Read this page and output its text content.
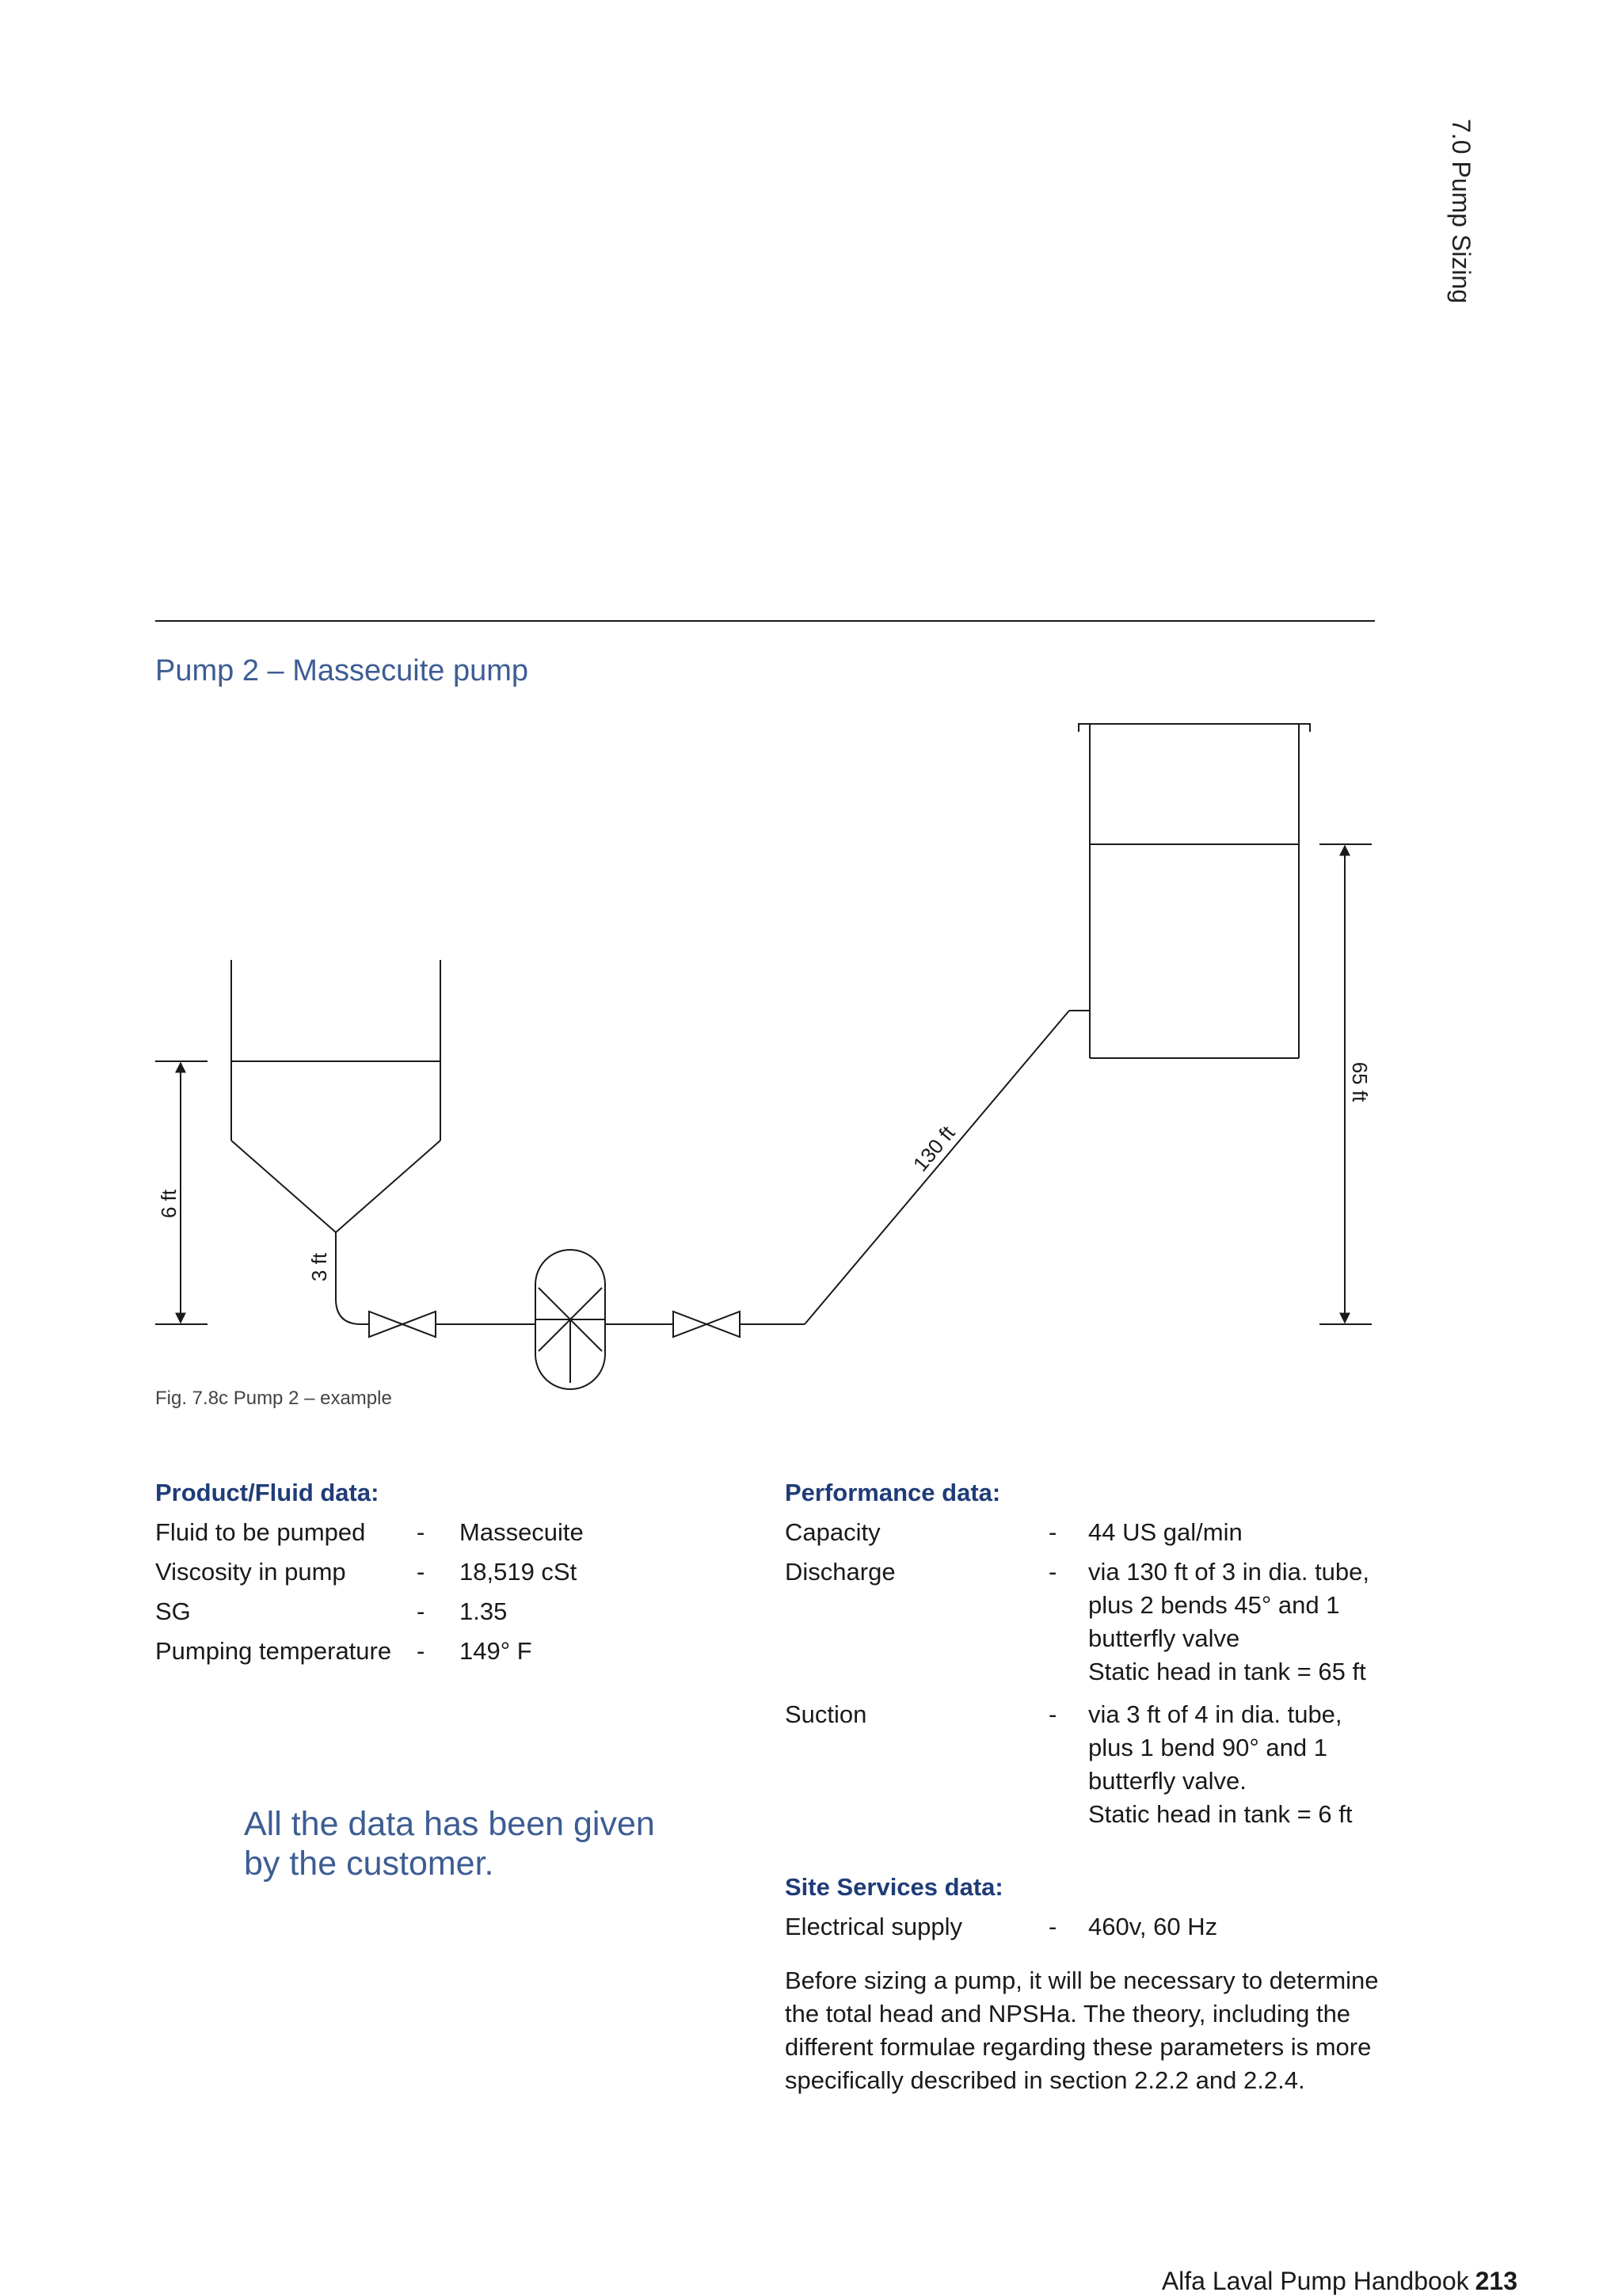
7.0 Pump Sizing
Pump 2 – Massecuite pump
6 ft
3 ft
130 ft
65 ft
Fig. 7.8c Pump 2 – example
Product/Fluid data:
Fluid to be pumped - Massecuite
Viscosity in pump	- 18,519 cSt
SG	- 1.35
Pumping temperature - 149° F
Performance data:
Capacity	- 44 US gal/min
Discharge	- via 130 ft of 3 in dia. tube,
plus 2 bends 45° and 1
butterfly valve
Static head in tank = 65 ft
Suction	- via 3 ft of 4 in dia. tube,
plus 1 bend 90° and 1
butterfly valve.
Static head in tank = 6 ft
Site Services data:
Electrical supply	- 460v, 60 Hz
Before sizing a pump, it will be necessary to determine the total head and NPSHa. The theory, including the different formulae regarding these parameters is more specifically described in section 2.2.2 and 2.2.4.
All the data has been given
by the customer.
Alfa Laval Pump Handbook 213
